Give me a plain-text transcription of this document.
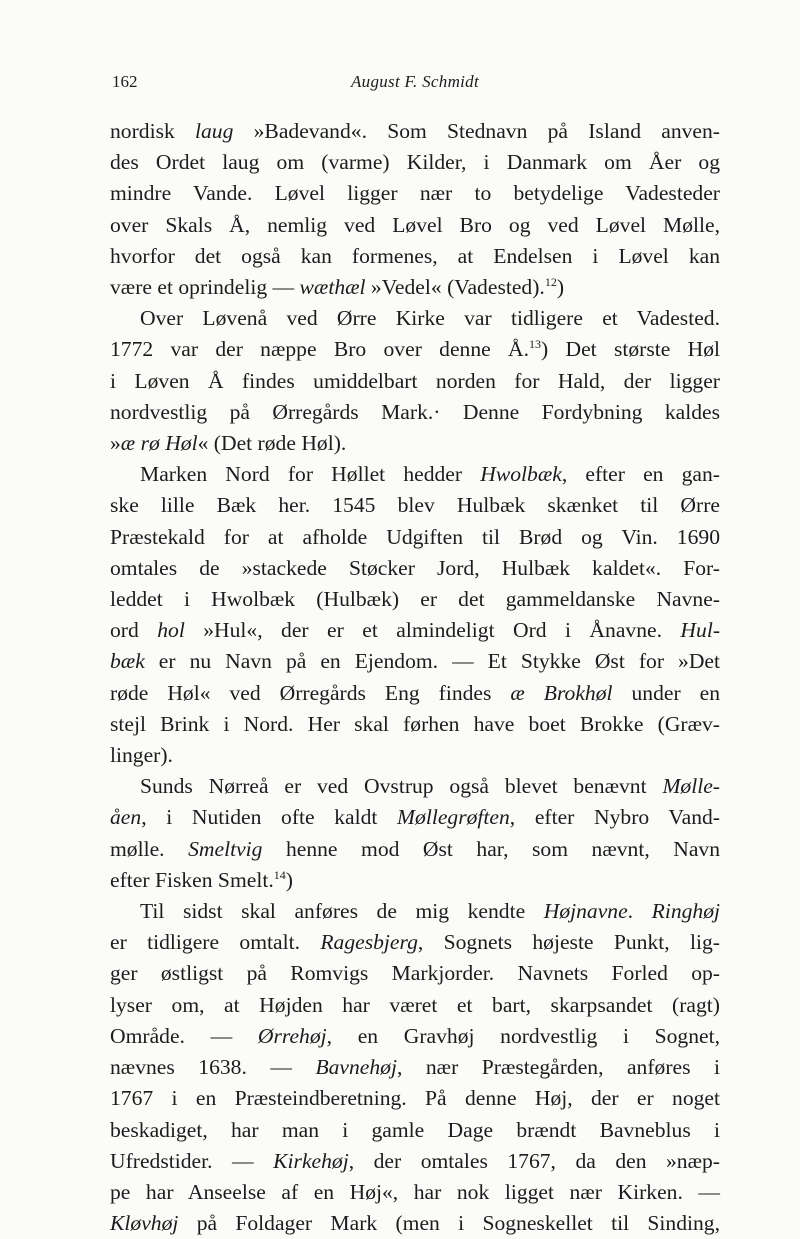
162	August F. Schmidt

nordisk laug »Badevand«. Som Stednavn på Island anven-
des Ordet laug om (varme) Kilder, i Danmark om Åer og
mindre Vande. Løvel ligger nær to betydelige Vadesteder
over Skals Å, nemlig ved Løvel Bro og ved Løvel Mølle,
hvorfor det også kan formenes, at Endelsen i Løvel kan
være et oprindelig — wæthæl »Vedel« (Vadested).$^{12}$)

Over Løvenå ved Ørre Kirke var tidligere et Vadested.
1772 var der næppe Bro over denne Å.$^{13}$) Det største Høl
i Løven Å findes umiddelbart norden for Hald, der ligger
nordvestlig på Ørregårds Mark.· Denne Fordybning kaldes
»æ rø Høl« (Det røde Høl).

Marken Nord for Høllet hedder Hwolbæk, efter en gan-
ske lille Bæk her. 1545 blev Hulbæk skænket til Ørre
Præstekald for at afholde Udgiften til Brød og Vin. 1690
omtales de »stackede Støcker Jord, Hulbæk kaldet«. For-
leddet i Hwolbæk (Hulbæk) er det gammeldanske Navne-
ord hol »Hul«, der er et almindeligt Ord i Ånavne. Hul-
bæk er nu Navn på en Ejendom. — Et Stykke Øst for »Det
røde Høl« ved Ørregårds Eng findes æ Brokhøl under en
stejl Brink i Nord. Her skal førhen have boet Brokke (Græv-
linger).

Sunds Nørreå er ved Ovstrup også blevet benævnt Mølle-
åen, i Nutiden ofte kaldt Møllegrøften, efter Nybro Vand-
mølle. Smeltvig henne mod Øst har, som nævnt, Navn
efter Fisken Smelt.$^{14}$)

Til sidst skal anføres de mig kendte Højnavne. Ringhøj
er tidligere omtalt. Ragesbjerg, Sognets højeste Punkt, lig-
ger østligst på Romvigs Markjorder. Navnets Forled op-
lyser om, at Højden har været et bart, skarpsandet (ragt)
Område. — Ørrehøj, en Gravhøj nordvestlig i Sognet,
nævnes 1638. — Bavnehøj, nær Præstegården, anføres i
1767 i en Præsteindberetning. På denne Høj, der er noget
beskadiget, har man i gamle Dage brændt Bavneblus i
Ufredstider. — Kirkehøj, der omtales 1767, da den »næp-
pe har Anseelse af en Høj«, har nok ligget nær Kirken. —
Kløvhøj på Foldager Mark (men i Sogneskellet til Sinding,
